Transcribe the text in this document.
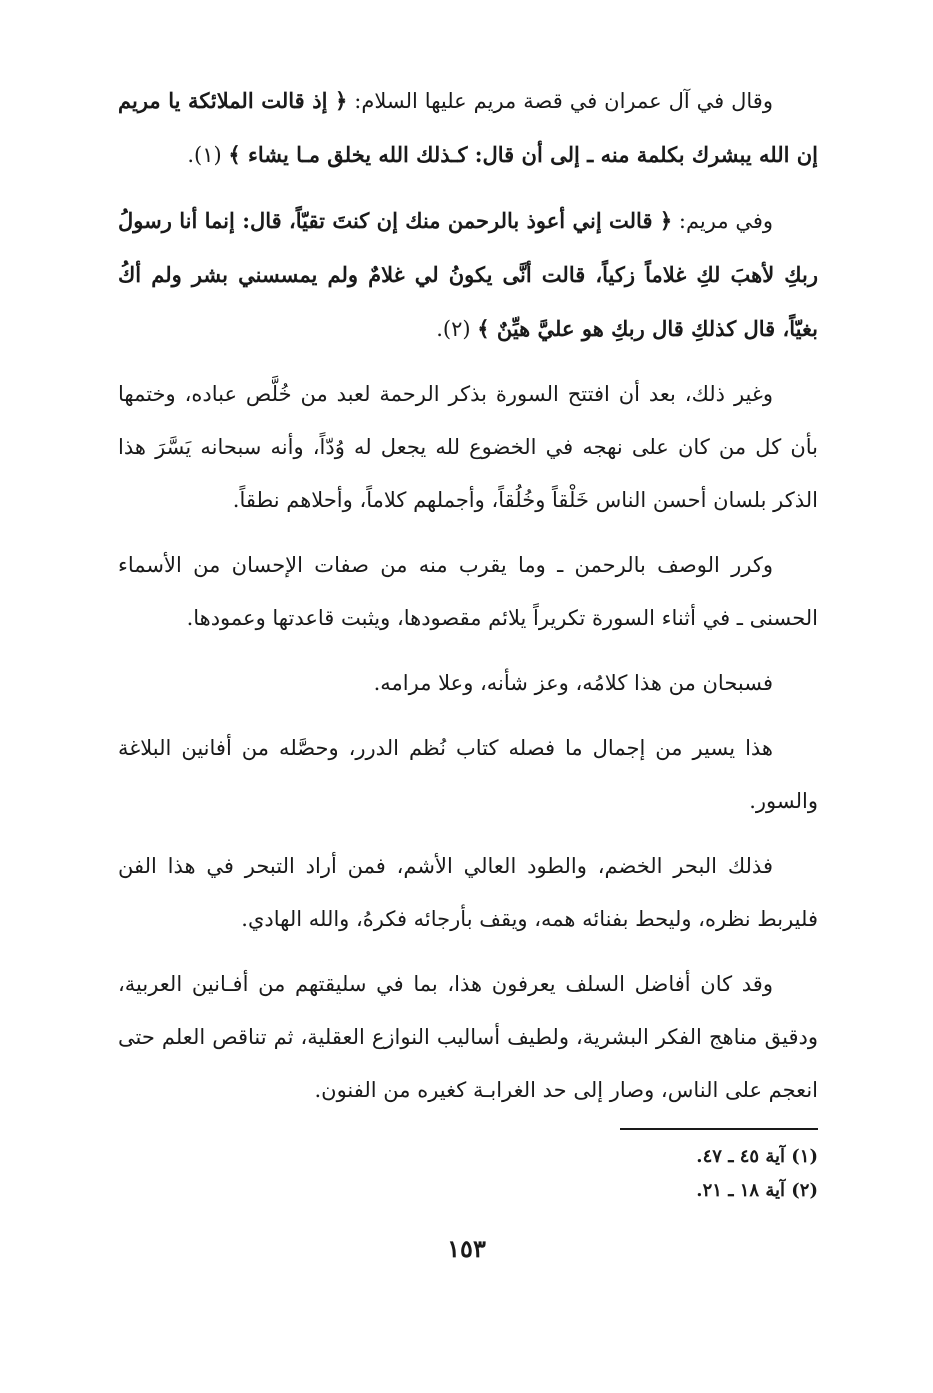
وقال في آل عمران في قصة مريم عليها السلام: ﴿ إذ قالت الملائكة يا مريم إن الله يبشرك بكلمة منه ـ إلى أن قال: كـذلك الله يخلق مـا يشاء ﴾ (١).

وفي مريم: ﴿ قالت إني أعوذ بالرحمن منك إن كنتَ تقيّاً، قال: إنما أنا رسولُ ربكِ لأهبَ لكِ غلاماً زكياً، قالت أنَّى يكونُ لي غلامٌ ولم يمسسني بشر ولم أكُ بغيّاً، قال كذلكِ قال ربكِ هو عليَّ هيِّنٌ ﴾ (٢).

وغير ذلك، بعد أن افتتح السورة بذكر الرحمة لعبد من خُلَّص عباده، وختمها بأن كل من كان على نهجه في الخضوع لله يجعل له وُدّاً، وأنه سبحانه يَسَّرَ هذا الذكر بلسان أحسن الناس خَلْقاً وخُلُقاً، وأجملهم كلاماً، وأحلاهم نطقاً.

وكرر الوصف بالرحمن ـ وما يقرب منه من صفات الإحسان من الأسماء الحسنى ـ في أثناء السورة تكريراً يلائم مقصودها، ويثبت قاعدتها وعمودها.

فسبحان من هذا كلامُه، وعز شأنه، وعلا مرامه.

هذا يسير من إجمال ما فصله كتاب نُظم الدرر، وحصَّله من أفانين البلاغة والسور.

فذلك البحر الخضم، والطود العالي الأشم، فمن أراد التبحر في هذا الفن فليربط نظره، وليحط بفنائه همه، ويقف بأرجائه فكرهُ، والله الهادي.

وقد كان أفاضل السلف يعرفون هذا، بما في سليقتهم من أفـانين العربية، ودقيق مناهج الفكر البشرية، ولطيف أساليب النوازع العقلية، ثم تناقص العلم حتى انعجم على الناس، وصار إلى حد الغرابـة كغيره من الفنون.

(١) آية ٤٥ ـ ٤٧.
(٢) آية ١٨ ـ ٢١.
١٥٣
